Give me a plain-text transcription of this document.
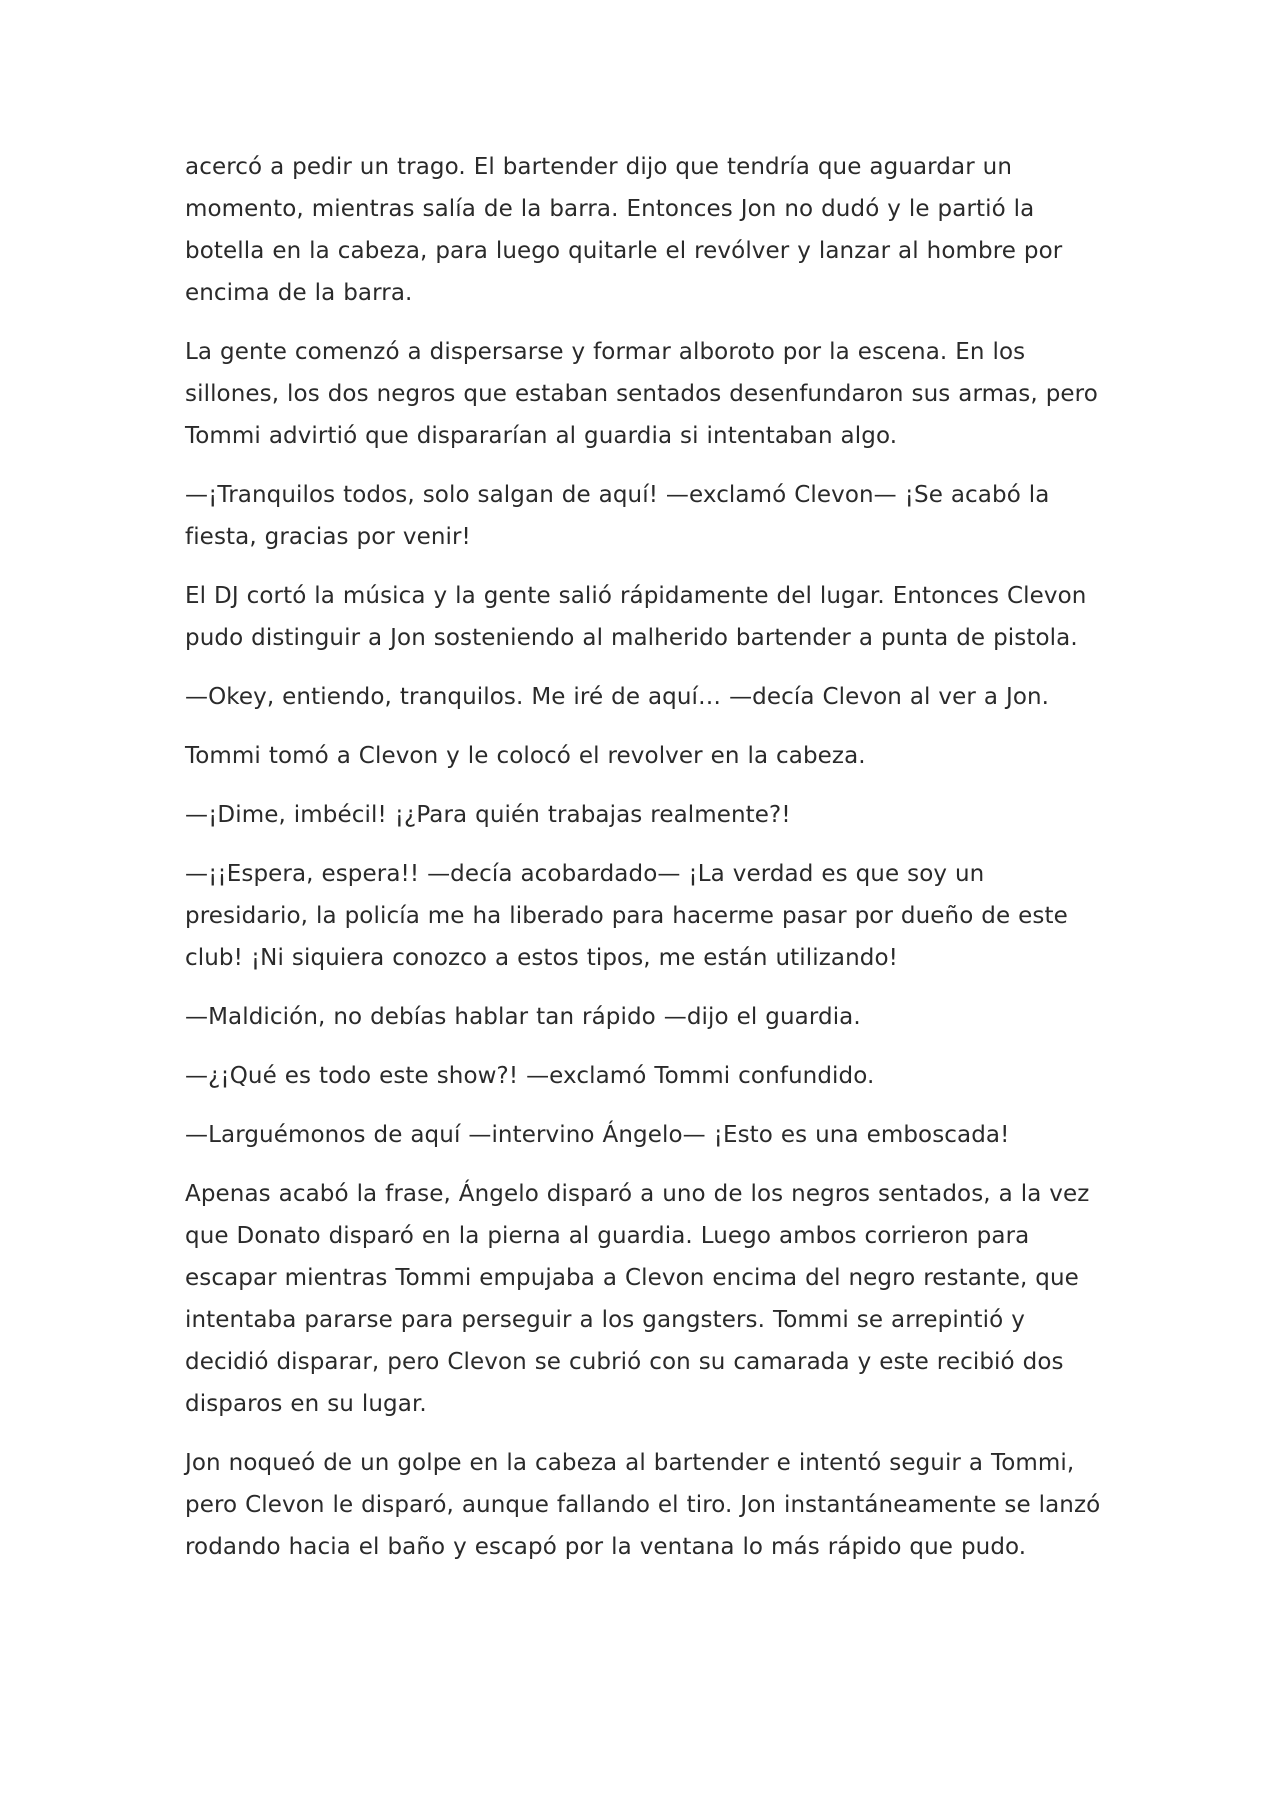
acercó a pedir un trago. El bartender dijo que tendría que aguardar un momento, mientras salía de la barra. Entonces Jon no dudó y le partió la botella en la cabeza, para luego quitarle el revólver y lanzar al hombre por encima de la barra.

La gente comenzó a dispersarse y formar alboroto por la escena. En los sillones, los dos negros que estaban sentados desenfundaron sus armas, pero Tommi advirtió que dispararían al guardia si intentaban algo.

—¡Tranquilos todos, solo salgan de aquí! —exclamó Clevon— ¡Se acabó la fiesta, gracias por venir!

El DJ cortó la música y la gente salió rápidamente del lugar. Entonces Clevon pudo distinguir a Jon sosteniendo al malherido bartender a punta de pistola.

—Okey, entiendo, tranquilos. Me iré de aquí… —decía Clevon al ver a Jon.

Tommi tomó a Clevon y le colocó el revolver en la cabeza.

—¡Dime, imbécil! ¡¿Para quién trabajas realmente?!

—¡¡Espera, espera!! —decía acobardado— ¡La verdad es que soy un presidario, la policía me ha liberado para hacerme pasar por dueño de este club! ¡Ni siquiera conozco a estos tipos, me están utilizando!

—Maldición, no debías hablar tan rápido —dijo el guardia.

—¿¡Qué es todo este show?! —exclamó Tommi confundido.

—Larguémonos de aquí —intervino Ángelo— ¡Esto es una emboscada!

Apenas acabó la frase, Ángelo disparó a uno de los negros sentados, a la vez que Donato disparó en la pierna al guardia. Luego ambos corrieron para escapar mientras Tommi empujaba a Clevon encima del negro restante, que intentaba pararse para perseguir a los gangsters. Tommi se arrepintió y decidió disparar, pero Clevon se cubrió con su camarada y este recibió dos disparos en su lugar.

Jon noqueó de un golpe en la cabeza al bartender e intentó seguir a Tommi, pero Clevon le disparó, aunque fallando el tiro. Jon instantáneamente se lanzó rodando hacia el baño y escapó por la ventana lo más rápido que pudo.
